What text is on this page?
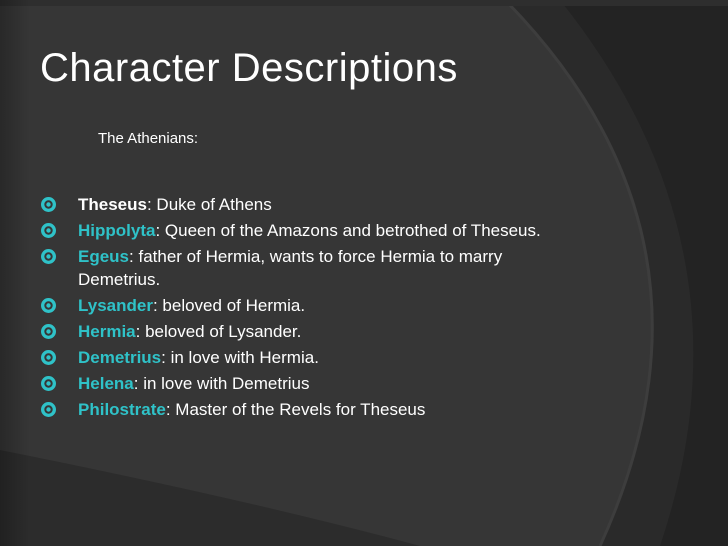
Character Descriptions
The Athenians:
Theseus: Duke of Athens
Hippolyta: Queen of the Amazons and betrothed of Theseus.
Egeus: father of Hermia, wants to force Hermia to marry Demetrius.
Lysander: beloved of Hermia.
Hermia: beloved of Lysander.
Demetrius: in love with Hermia.
Helena: in love with Demetrius
Philostrate: Master of the Revels for Theseus
